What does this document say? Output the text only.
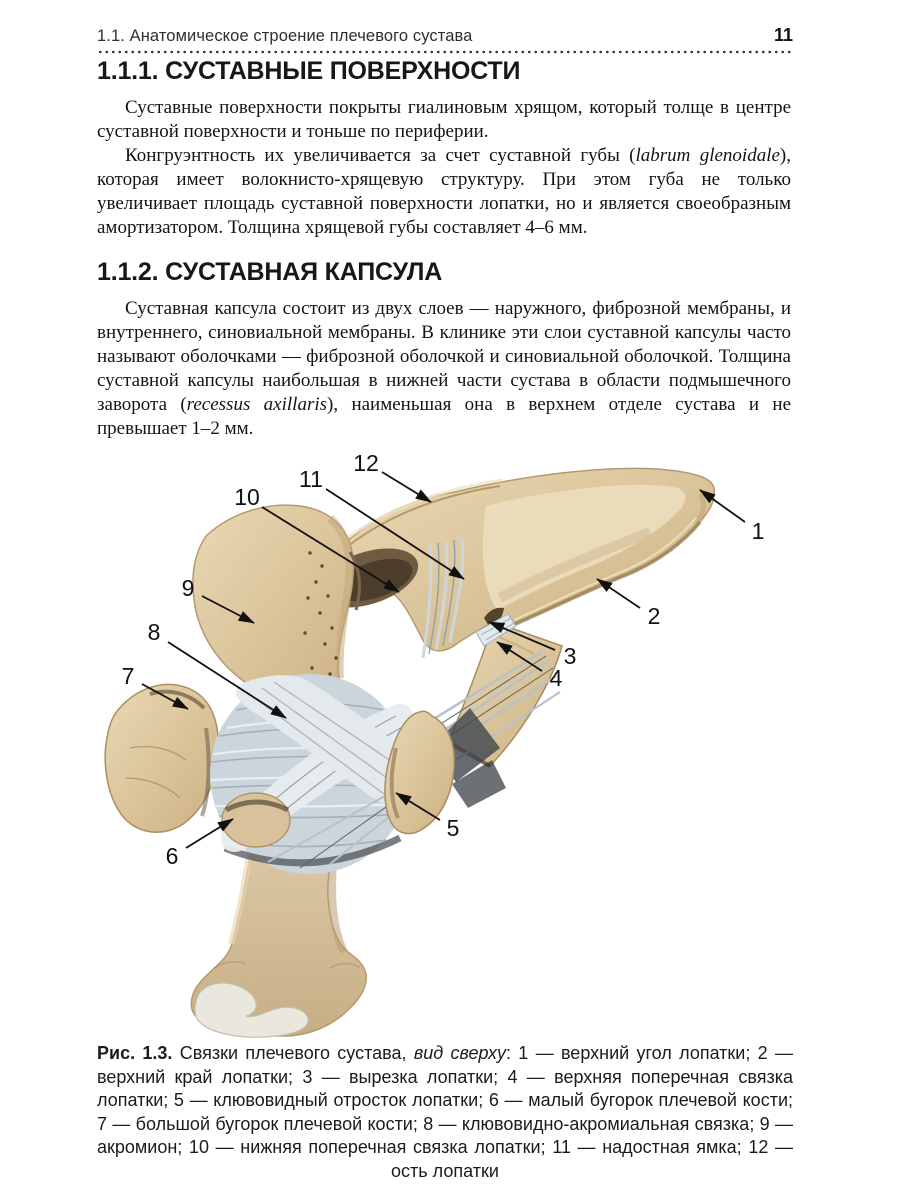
1.1. Анатомическое строение плечевого сустава	11
1.1.1. СУСТАВНЫЕ ПОВЕРХНОСТИ

Суставные поверхности покрыты гиалиновым хрящом, который толще в центре суставной поверхности и тоньше по периферии.

Конгруэнтность их увеличивается за счет суставной губы (labrum glenoidale), которая имеет волокнисто-хрящевую структуру. При этом губа не только увеличивает площадь суставной поверхности лопатки, но и является своеобразным амортизатором. Толщина хрящевой губы составляет 4–6 мм.

1.1.2. СУСТАВНАЯ КАПСУЛА

Суставная капсула состоит из двух слоев — наружного, фиброзной мембраны, и внутреннего, синовиальной мембраны. В клинике эти слои суставной капсулы часто называют оболочками — фиброзной оболочкой и синовиальной оболочкой. Толщина суставной капсулы наибольшая в нижней части сустава в области подмышечного заворота (recessus axillaris), наименьшая она в верхнем отделе сустава и не превышает 1–2 мм.

1
2
3
4
5
6
7
8
9
10
11
12

Рис. 1.3. Связки плечевого сустава, вид сверху: 1 — верхний угол лопатки; 2 — верхний край лопатки; 3 — вырезка лопатки; 4 — верхняя поперечная связка лопатки; 5 — клювовидный отросток лопатки; 6 — малый бугорок плечевой кости; 7 — большой бугорок плечевой кости; 8 — клювовидно-акромиальная связка; 9 — акромион; 10 — нижняя поперечная связка лопатки; 11 — надостная ямка; 12 — ость лопатки
